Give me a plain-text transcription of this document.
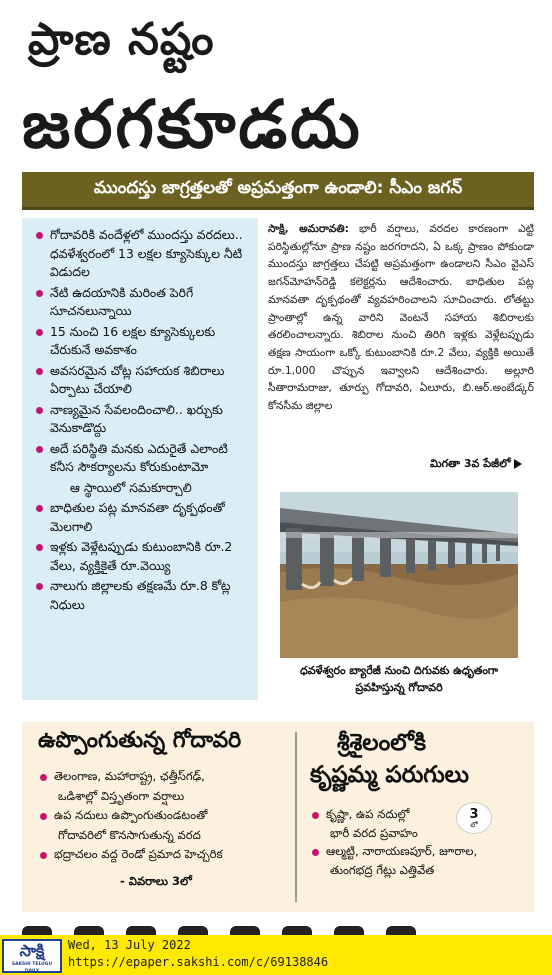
ప్రాణ నష్టం
జరగకూడదు
ముందస్తు జాగ్రత్తలతో అప్రమత్తంగా ఉండాలి: సీఎం జగన్
గోదావరికి వందేళ్లలో ముందస్తు వరదలు.. ధవళేశ్వరంలో 13 లక్షల క్యూసెక్కుల నీటి విడుదల
నేటి ఉదయానికి మరింత పెరిగే సూచనలున్నాయి
15 నుంచి 16 లక్షల క్యూసెక్కులకు చేరుకునే అవకాశం
అవసరమైన చోట్ల సహాయక శిబిరాలు ఏర్పాటు చేయాలి
నాణ్యమైన సేవలందించాలి.. ఖర్చుకు వెనుకాడొద్దు
అదే పరిస్థితి మనకు ఎదురైతే ఎలాంటి కనీస సౌకర్యాలను కోరుకుంటామో
ఆ స్థాయిలో సమకూర్చాలి
బాధితుల పట్ల మానవతా దృక్పథంతో మెలగాలి
ఇళ్లకు వెళ్లేటప్పుడు కుటుంబానికి రూ.2 వేలు, వ్యక్తికైతే రూ.వెయ్యి
నాలుగు జిల్లాలకు తక్షణమే రూ.8 కోట్ల నిధులు
సాక్షి, అమరావతి: భారీ వర్షాలు, వరదల కారణంగా ఎట్టి పరిస్థితుల్లోనూ ప్రాణ నష్టం జరగరాదని, ఏ ఒక్క ప్రాణం పోకుండా ముందస్తు జాగ్రత్తలు చేపట్టి అప్రమత్తంగా ఉండాలని సీఎం వైఎస్‌ జగన్‌మోహన్‌రెడ్డి కలెక్టర్లను ఆదేశించారు. బాధితుల పట్ల మానవతా దృక్పథంతో వ్యవహరించాలని సూచించారు. లోతట్టు ప్రాంతాల్లో ఉన్న వారిని వెంటనే సహాయ శిబిరాలకు తరలించాలన్నారు. శిబిరాల నుంచి తిరిగి ఇళ్లకు వెళ్లేటప్పుడు తక్షణ సాయంగా ఒక్కో కుటుంబానికి రూ.2 వేలు, వ్యక్తికి అయితే రూ.1,000 చొప్పున ఇవ్వాలని ఆదేశించారు. అల్లూరి సీతారామరాజు, తూర్పు గోదావరి, ఏలూరు, బి.ఆర్.అంబేడ్కర్‌ కోనసీమ జిల్లాల
మిగతా 3వ పేజీలో
ధవళేశ్వరం బ్యారేజీ నుంచి దిగువకు ఉధృతంగా ప్రవహిస్తున్న గోదావరి
ఉప్పొంగుతున్న గోదావరి
తెలంగాణ, మహారాష్ట్ర, ఛత్తీస్‌గఢ్‌,
ఒడిశాల్లో విస్తృతంగా వర్షాలు
ఉప నదులు ఉప్పొంగుతుండటంతో
గోదావరిలో కొనసాగుతున్న వరద
భద్రాచలం వద్ద రెండో ప్రమాద హెచ్చరిక
- వివరాలు 3లో
శ్రీశైలంలోకి
కృష్ణమ్మ పరుగులు
3
లో
కృష్ణా, ఉప నదుల్లో
భారీ వరద ప్రవాహం
ఆల్మట్టి, నారాయణపూర్‌, జూరాల,
తుంగభద్ర గేట్లు ఎత్తివేత
సాక్షి
SAKSHI TELUGU DAILY
Wed, 13 July 2022
https://epaper.sakshi.com/c/69138846
